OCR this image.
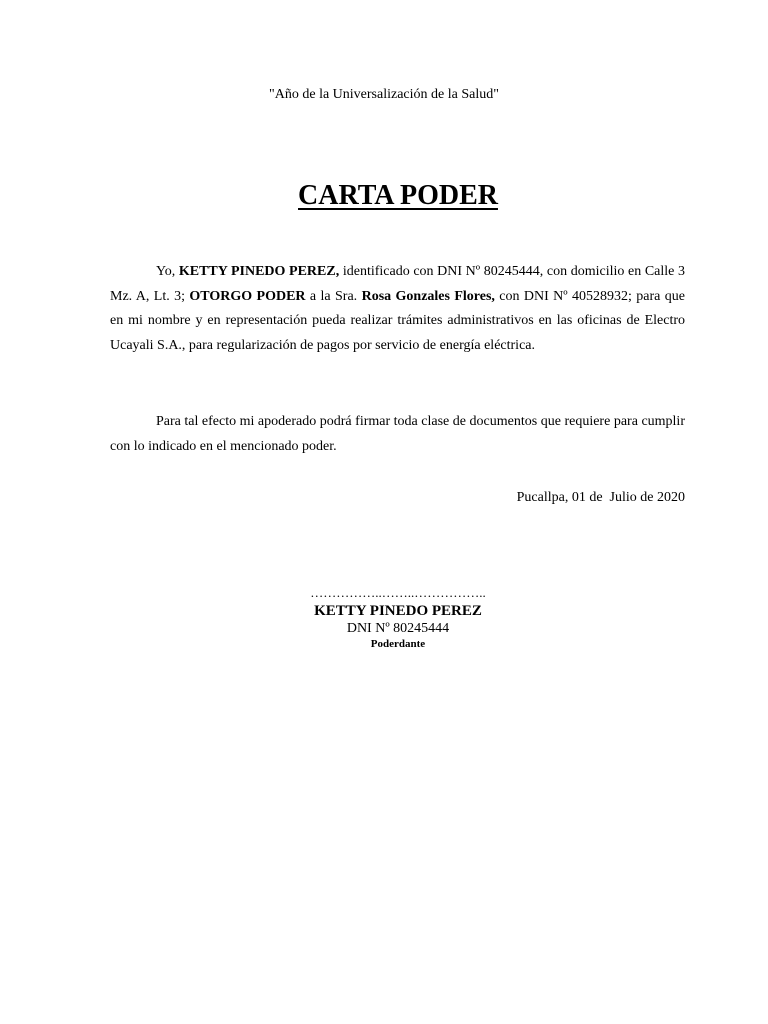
"Año de la Universalización de la Salud"
CARTA PODER

Yo, KETTY PINEDO PEREZ, identificado con DNI Nº 80245444, con domicilio en Calle 3 Mz. A, Lt. 3; OTORGO PODER a la Sra. Rosa Gonzales Flores, con DNI Nº 40528932; para que en mi nombre y en representación pueda realizar trámites administrativos en las oficinas de Electro Ucayali S.A., para regularización de pagos por servicio de energía eléctrica.

Para tal efecto mi apoderado podrá firmar toda clase de documentos que requiere para cumplir con lo indicado en el mencionado poder.

Pucallpa, 01 de  Julio de 2020
……………..……..……………..
KETTY PINEDO PEREZ
DNI Nº 80245444
Poderdante
